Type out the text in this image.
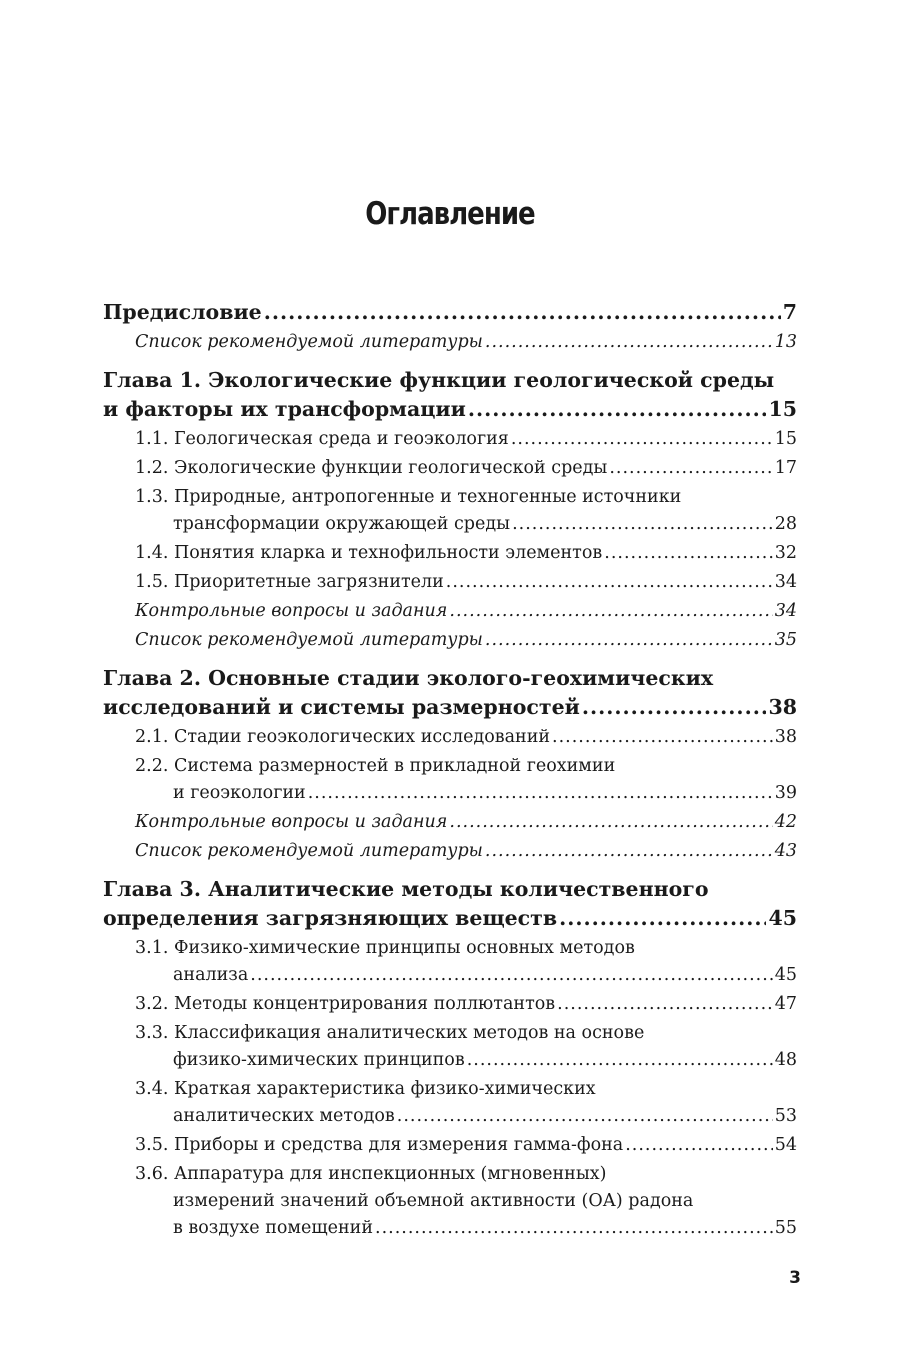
Оглавление
Предисловие .....	7
Список рекомендуемой литературы .....	13
Глава 1. Экологические функции геологической среды
и факторы их трансформации .....	15
1.1. Геологическая среда и геоэкология .....	15
1.2. Экологические функции геологической среды .....	17
1.3. Природные, антропогенные и техногенные источники
трансформации окружающей среды .....	28
1.4. Понятия кларка и технофильности элементов .....	32
1.5. Приоритетные загрязнители .....	34
Контрольные вопросы и задания .....	34
Список рекомендуемой литературы .....	35
Глава 2. Основные стадии эколого-геохимических
исследований и системы размерностей .....	38
2.1. Стадии геоэкологических исследований .....	38
2.2. Система размерностей в прикладной геохимии
и геоэкологии .....	39
Контрольные вопросы и задания .....	42
Список рекомендуемой литературы .....	43
Глава 3. Аналитические методы количественного
определения загрязняющих веществ .....	45
3.1. Физико-химические принципы основных методов
анализа .....	45
3.2. Методы концентрирования поллютантов .....	47
3.3. Классификация аналитических методов на основе
физико-химических принципов .....	48
3.4. Краткая характеристика физико-химических
аналитических методов .....	53
3.5. Приборы и средства для измерения гамма-фона .....	54
3.6. Аппаратура для инспекционных (мгновенных)
измерений значений объемной активности (ОА) радона
в воздухе помещений .....	55
3
